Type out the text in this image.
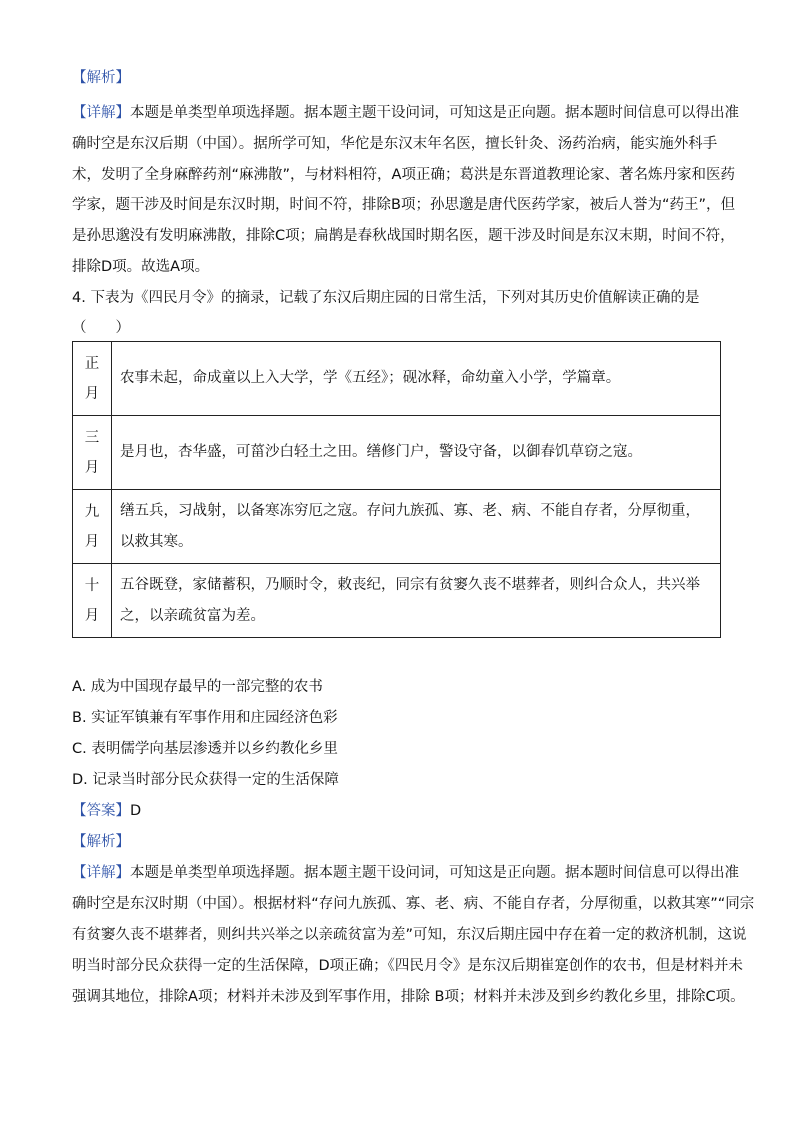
【解析】
【详解】本题是单类型单项选择题。据本题主题干设问词，可知这是正向题。据本题时间信息可以得出准
确时空是东汉后期（中国）。据所学可知，华佗是东汉末年名医，擅长针灸、汤药治病，能实施外科手
术，发明了全身麻醉药剂“麻沸散”，与材料相符，A项正确；葛洪是东晋道教理论家、著名炼丹家和医药
学家，题干涉及时间是东汉时期，时间不符，排除B项；孙思邈是唐代医药学家，被后人誉为“药王”，但
是孙思邈没有发明麻沸散，排除C项；扁鹊是春秋战国时期名医，题干涉及时间是东汉末期，时间不符，
排除D项。故选A项。
4. 下表为《四民月令》的摘录，记载了东汉后期庄园的日常生活，下列对其历史价值解读正确的是
（　　）
正
月	农事未起，命成童以上入大学，学《五经》；砚冰释，命幼童入小学，学篇章。

三
月	是月也，杏华盛，可菑沙白轻土之田。缮修门户，警设守备，以御春饥草窃之寇。

九
月	缮五兵，习战射，以备寒冻穷厄之寇。存问九族孤、寡、老、病、不能自存者，分厚彻重，以救其寒。

十
月	五谷既登，家储蓄积，乃顺时令，敕丧纪，同宗有贫窭久丧不堪葬者，则纠合众人，共兴举之，以亲疏贫富为差。
A. 成为中国现存最早的一部完整的农书
B. 实证军镇兼有军事作用和庄园经济色彩
C. 表明儒学向基层渗透并以乡约教化乡里
D. 记录当时部分民众获得一定的生活保障
【答案】D
【解析】
【详解】本题是单类型单项选择题。据本题主题干设问词，可知这是正向题。据本题时间信息可以得出准
确时空是东汉时期（中国）。根据材料“存问九族孤、寡、老、病、不能自存者，分厚彻重，以救其寒”“同宗
有贫窭久丧不堪葬者，则纠共兴举之以亲疏贫富为差”可知，东汉后期庄园中存在着一定的救济机制，这说
明当时部分民众获得一定的生活保障，D项正确；《四民月令》是东汉后期崔寔创作的农书，但是材料并未
强调其地位，排除A项；材料并未涉及到军事作用，排除 B项；材料并未涉及到乡约教化乡里，排除C项。
